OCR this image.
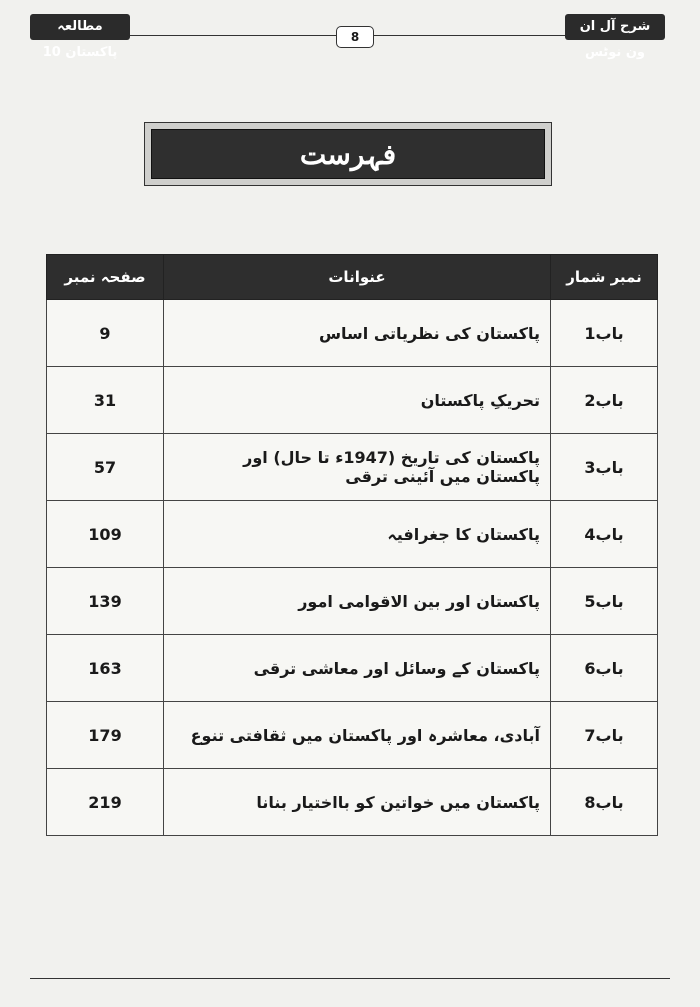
مطالعہ پاکستان 10
شرح آل ان ون نوٹس
8
فہرست
صفحہ نمبر	عنوانات	نمبر شمار
9	پاکستان کی نظریاتی اساس	باب1
31	تحریکِ پاکستان	باب2
57	پاکستان کی تاریخ (1947ء تا حال) اور پاکستان میں آئینی ترقی	باب3
109	پاکستان کا جغرافیہ	باب4
139	پاکستان اور بین الاقوامی امور	باب5
163	پاکستان کے وسائل اور معاشی ترقی	باب6
179	آبادی، معاشرہ اور پاکستان میں ثقافتی تنوع	باب7
219	پاکستان میں خواتین کو بااختیار بنانا	باب8
